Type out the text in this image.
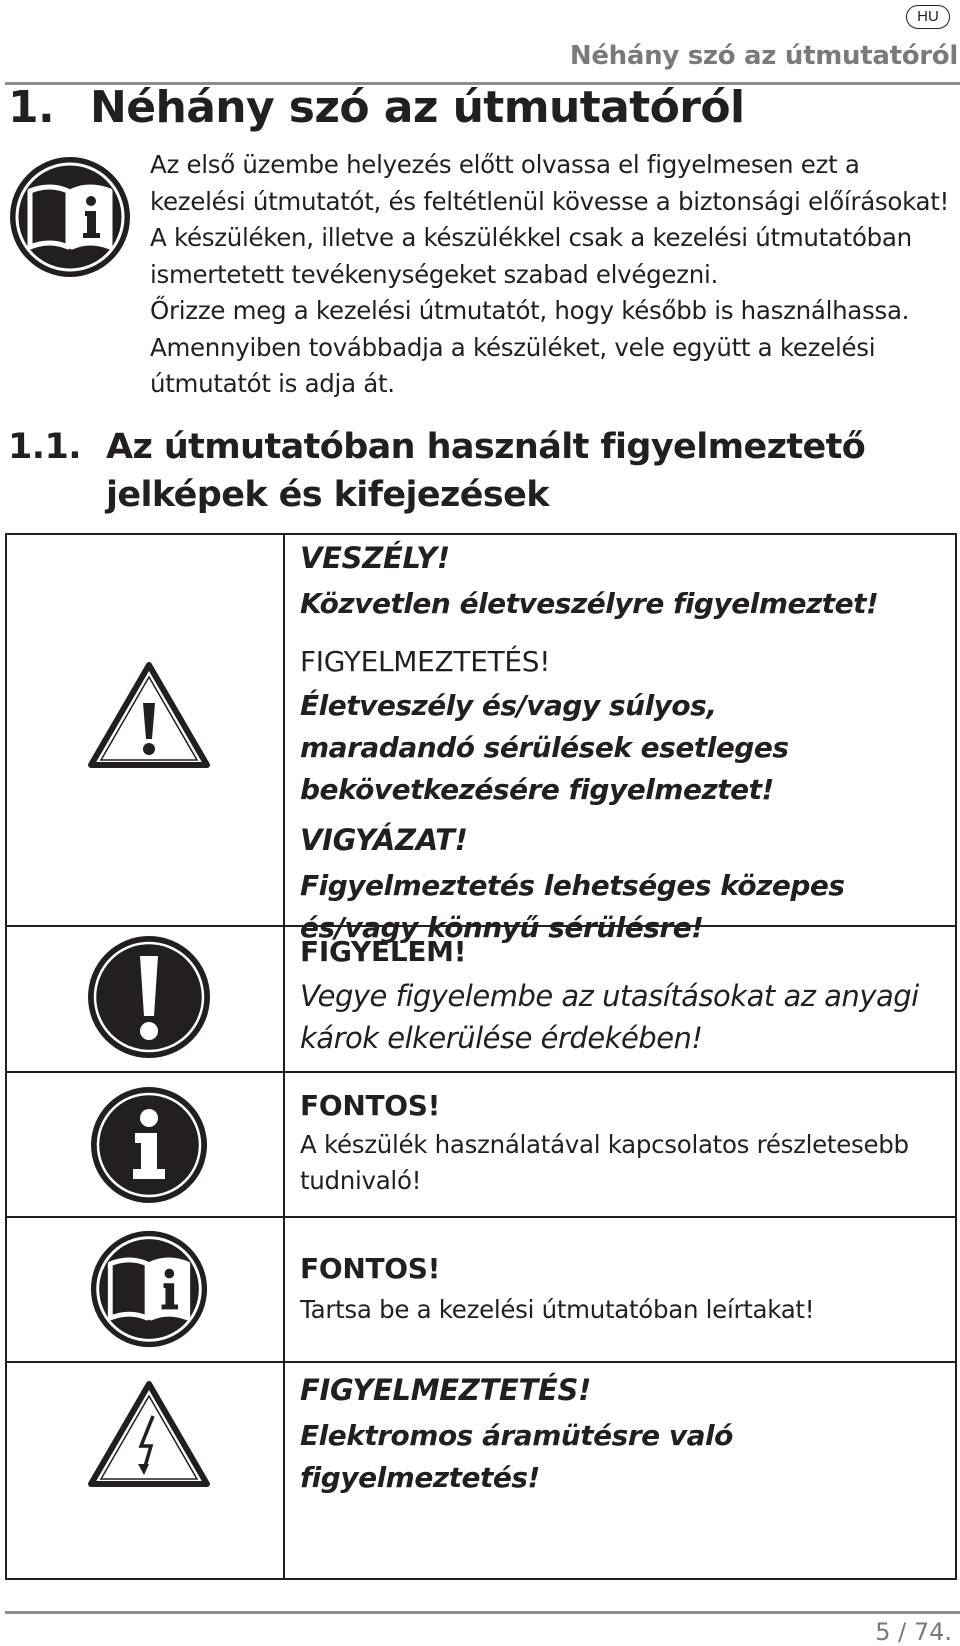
HU
Néhány szó az útmutatóról
1. Néhány szó az útmutatóról

Az első üzembe helyezés előtt olvassa el figyelmesen ezt a kezelési útmutatót, és feltétlenül kövesse a biztonsági előírásokat! A készüléken, illetve a készülékkel csak a kezelési útmutatóban ismertetett tevékenységeket szabad elvégezni.

Őrizze meg a kezelési útmutatót, hogy később is használhassa. Amennyiben továbbadja a készüléket, vele együtt a kezelési útmutatót is adja át.

1.1. Az útmutatóban használt figyelmeztető jelképek és kifejezések
VESZÉLY!
Közvetlen életveszélyre figyelmeztet!
FIGYELMEZTETÉS!
Életveszély és/vagy súlyos, maradandó sérülések esetleges bekövetkezésére figyelmeztet!
VIGYÁZAT!
Figyelmeztetés lehetséges közepes és/vagy könnyű sérülésre!
FIGYELEM!
Vegye figyelembe az utasításokat az anyagi károk elkerülése érdekében!
FONTOS!
A készülék használatával kapcsolatos részletesebb tudnivaló!
FONTOS!
Tartsa be a kezelési útmutatóban leírtakat!
FIGYELMEZTETÉS!
Elektromos áramütésre való figyelmeztetés!
5 / 74.
